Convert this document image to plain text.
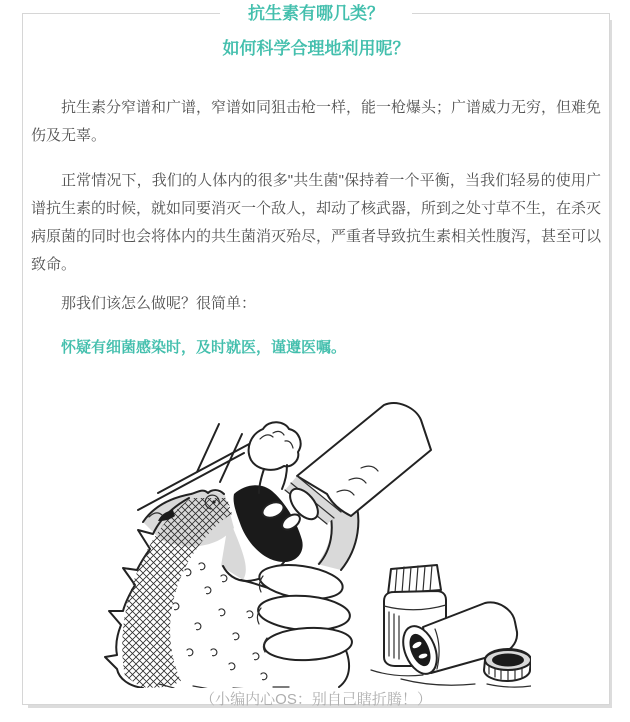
抗生素有哪几类？
如何科学合理地利用呢？

抗生素分窄谱和广谱，窄谱如同狙击枪一样，能一枪爆头；广谱威力无穷，但难免伤及无辜。

正常情况下，我们的人体内的很多"共生菌"保持着一个平衡，当我们轻易的使用广谱抗生素的时候，就如同要消灭一个敌人，却动了核武器，所到之处寸草不生，在杀灭病原菌的同时也会将体内的共生菌消灭殆尽，严重者导致抗生素相关性腹泻，甚至可以致命。

那我们该怎么做呢？很简单：

怀疑有细菌感染时，及时就医，谨遵医嘱。

（小编内心OS：别自己瞎折腾！）
